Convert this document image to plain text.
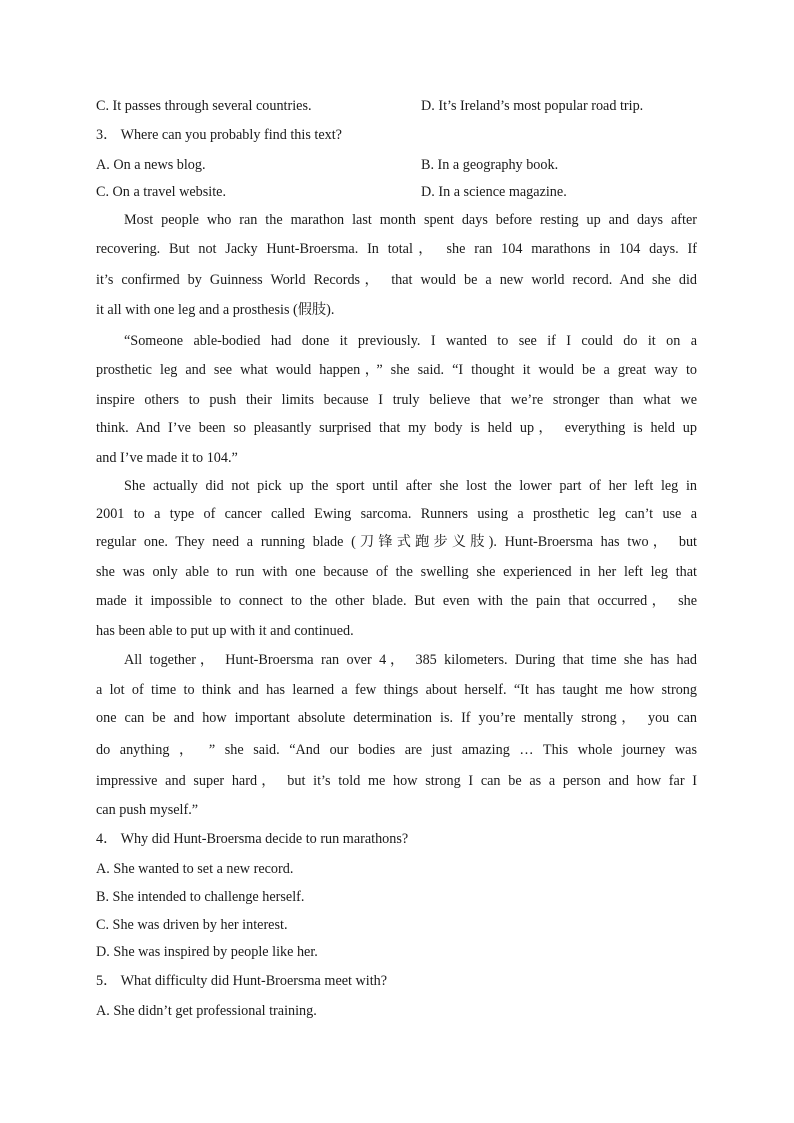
C. It passes through several countries.	D. It’s Ireland’s most popular road trip.
3． Where can you probably find this text?
A. On a news blog.	B. In a geography book.
C. On a travel website.	D. In a science magazine.
Most people who ran the marathon last month spent days before resting up and days after
recovering. But not Jacky Hunt-Broersma. In total， she ran 104 marathons in 104 days. If
it’s confirmed by Guinness World Records， that would be a new world record. And she did
it all with one leg and a prosthesis (假肢).
“Someone able-bodied had done it previously. I wanted to see if I could do it on a
prosthetic leg and see what would happen，” she said. “I thought it would be a great way to
inspire others to push their limits because I truly believe that we’re stronger than what we
think. And I’ve been so pleasantly surprised that my body is held up， everything is held up
and I’ve made it to 104.”
She actually did not pick up the sport until after she lost the lower part of her left leg in
2001 to a type of cancer called Ewing sarcoma. Runners using a prosthetic leg can’t use a
regular one. They need a running blade (刀锋式跑步义肢). Hunt-Broersma has two， but
she was only able to run with one because of the swelling she experienced in her left leg that
made it impossible to connect to the other blade. But even with the pain that occurred， she
has been able to put up with it and continued.
All together， Hunt-Broersma ran over 4， 385 kilometers. During that time she has had
a lot of time to think and has learned a few things about herself. “It has taught me how strong
one can be and how important absolute determination is. If you’re mentally strong， you can
do anything ， ” she said. “And our bodies are just amazing … This whole journey was
impressive and super hard， but it’s told me how strong I can be as a person and how far I
can push myself.”
4． Why did Hunt-Broersma decide to run marathons?
A. She wanted to set a new record.
B. She intended to challenge herself.
C. She was driven by her interest.
D. She was inspired by people like her.
5． What difficulty did Hunt-Broersma meet with?
A. She didn’t get professional training.
